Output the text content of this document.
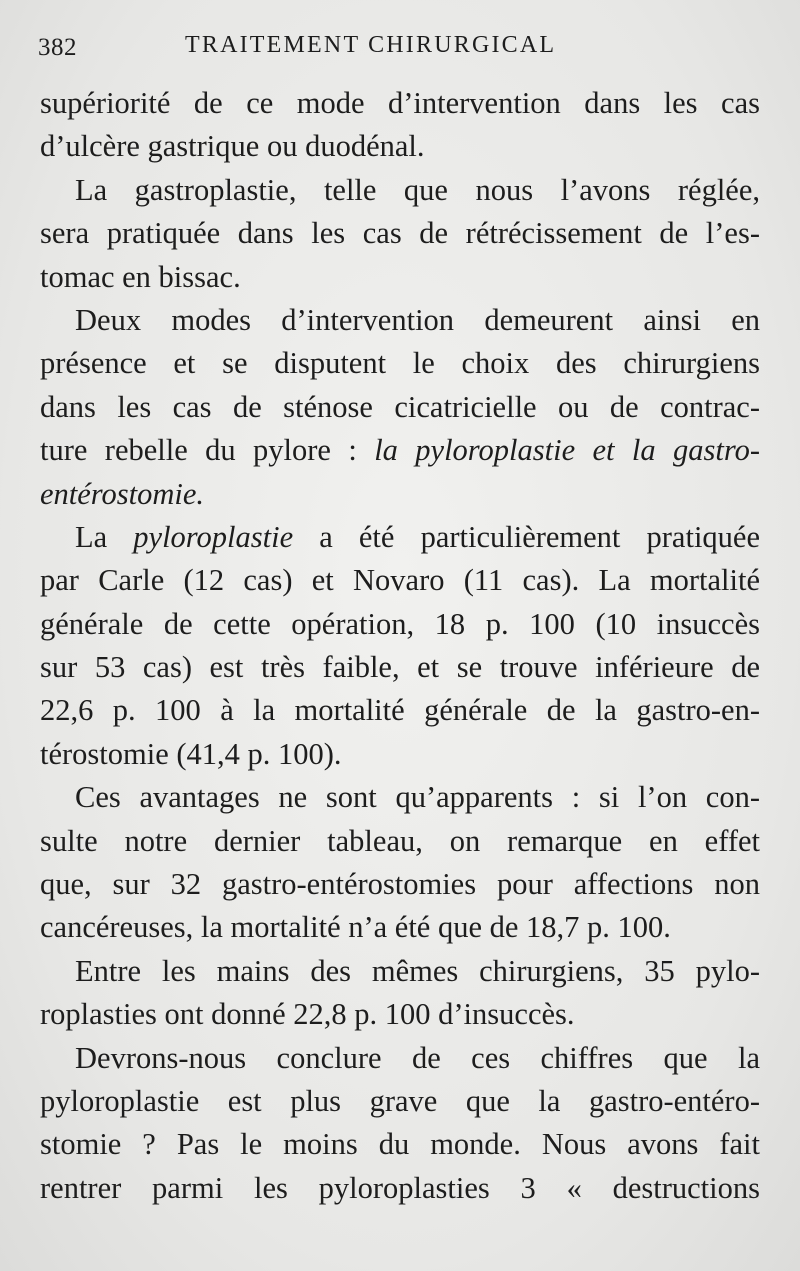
382	TRAITEMENT CHIRURGICAL
supériorité de ce mode d’intervention dans les cas
d’ulcère gastrique ou duodénal.
La gastroplastie, telle que nous l’avons réglée,
sera pratiquée dans les cas de rétrécissement de l’es-
tomac en bissac.
Deux modes d’intervention demeurent ainsi en
présence et se disputent le choix des chirurgiens
dans les cas de sténose cicatricielle ou de contrac-
ture rebelle du pylore : la pyloroplastie et la gastro-
entérostomie.
La pyloroplastie a été particulièrement pratiquée
par Carle (12 cas) et Novaro (11 cas). La mortalité
générale de cette opération, 18 p. 100 (10 insuccès
sur 53 cas) est très faible, et se trouve inférieure de
22,6 p. 100 à la mortalité générale de la gastro-en-
térostomie (41,4 p. 100).
Ces avantages ne sont qu’apparents : si l’on con-
sulte notre dernier tableau, on remarque en effet
que, sur 32 gastro-entérostomies pour affections non
cancéreuses, la mortalité n’a été que de 18,7 p. 100.
Entre les mains des mêmes chirurgiens, 35 pylo-
roplasties ont donné 22,8 p. 100 d’insuccès.
Devrons-nous conclure de ces chiffres que la
pyloroplastie est plus grave que la gastro-entéro-
stomie ? Pas le moins du monde. Nous avons fait
rentrer parmi les pyloroplasties 3 « destructions
